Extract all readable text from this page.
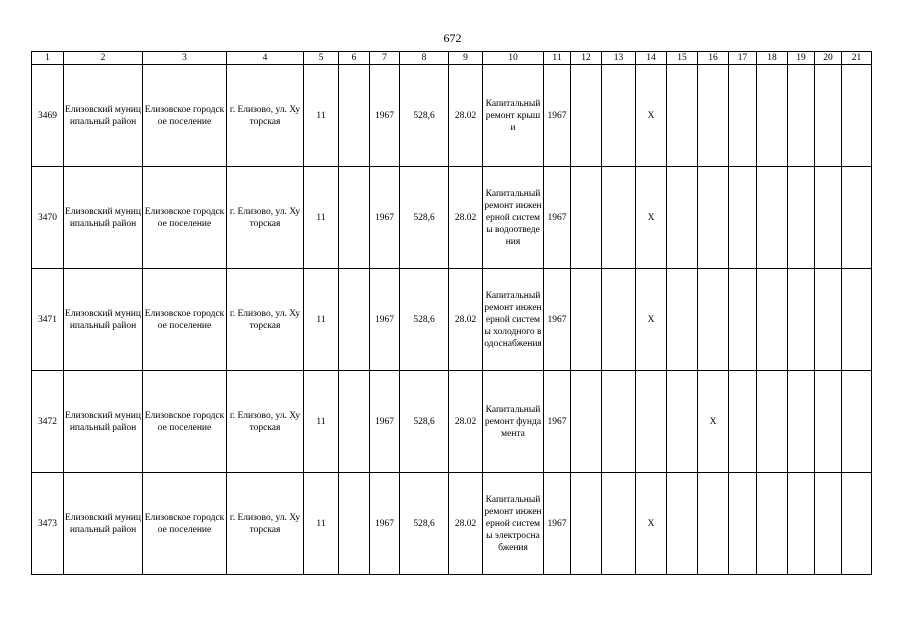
672
1	2	3	4	5	6	7	8	9	10	11	12	13	14	15	16	17	18	19	20	21
3469	Елизовский муниципальный район	Елизовское городское поселение	г. Елизово, ул. Хуторская	11		1967	528,6	28.02	Капитальный ремонт крыши	1967			X							
3470	Елизовский муниципальный район	Елизовское городское поселение	г. Елизово, ул. Хуторская	11		1967	528,6	28.02	Капитальный ремонт инженерной системы водоотведения	1967			X							
3471	Елизовский муниципальный район	Елизовское городское поселение	г. Елизово, ул. Хуторская	11		1967	528,6	28.02	Капитальный ремонт инженерной системы холодного водоснабжения	1967			X							
3472	Елизовский муниципальный район	Елизовское городское поселение	г. Елизово, ул. Хуторская	11		1967	528,6	28.02	Капитальный ремонт фундамента	1967					X					
3473	Елизовский муниципальный район	Елизовское городское поселение	г. Елизово, ул. Хуторская	11		1967	528,6	28.02	Капитальный ремонт инженерной системы электроснабжения	1967			X							
